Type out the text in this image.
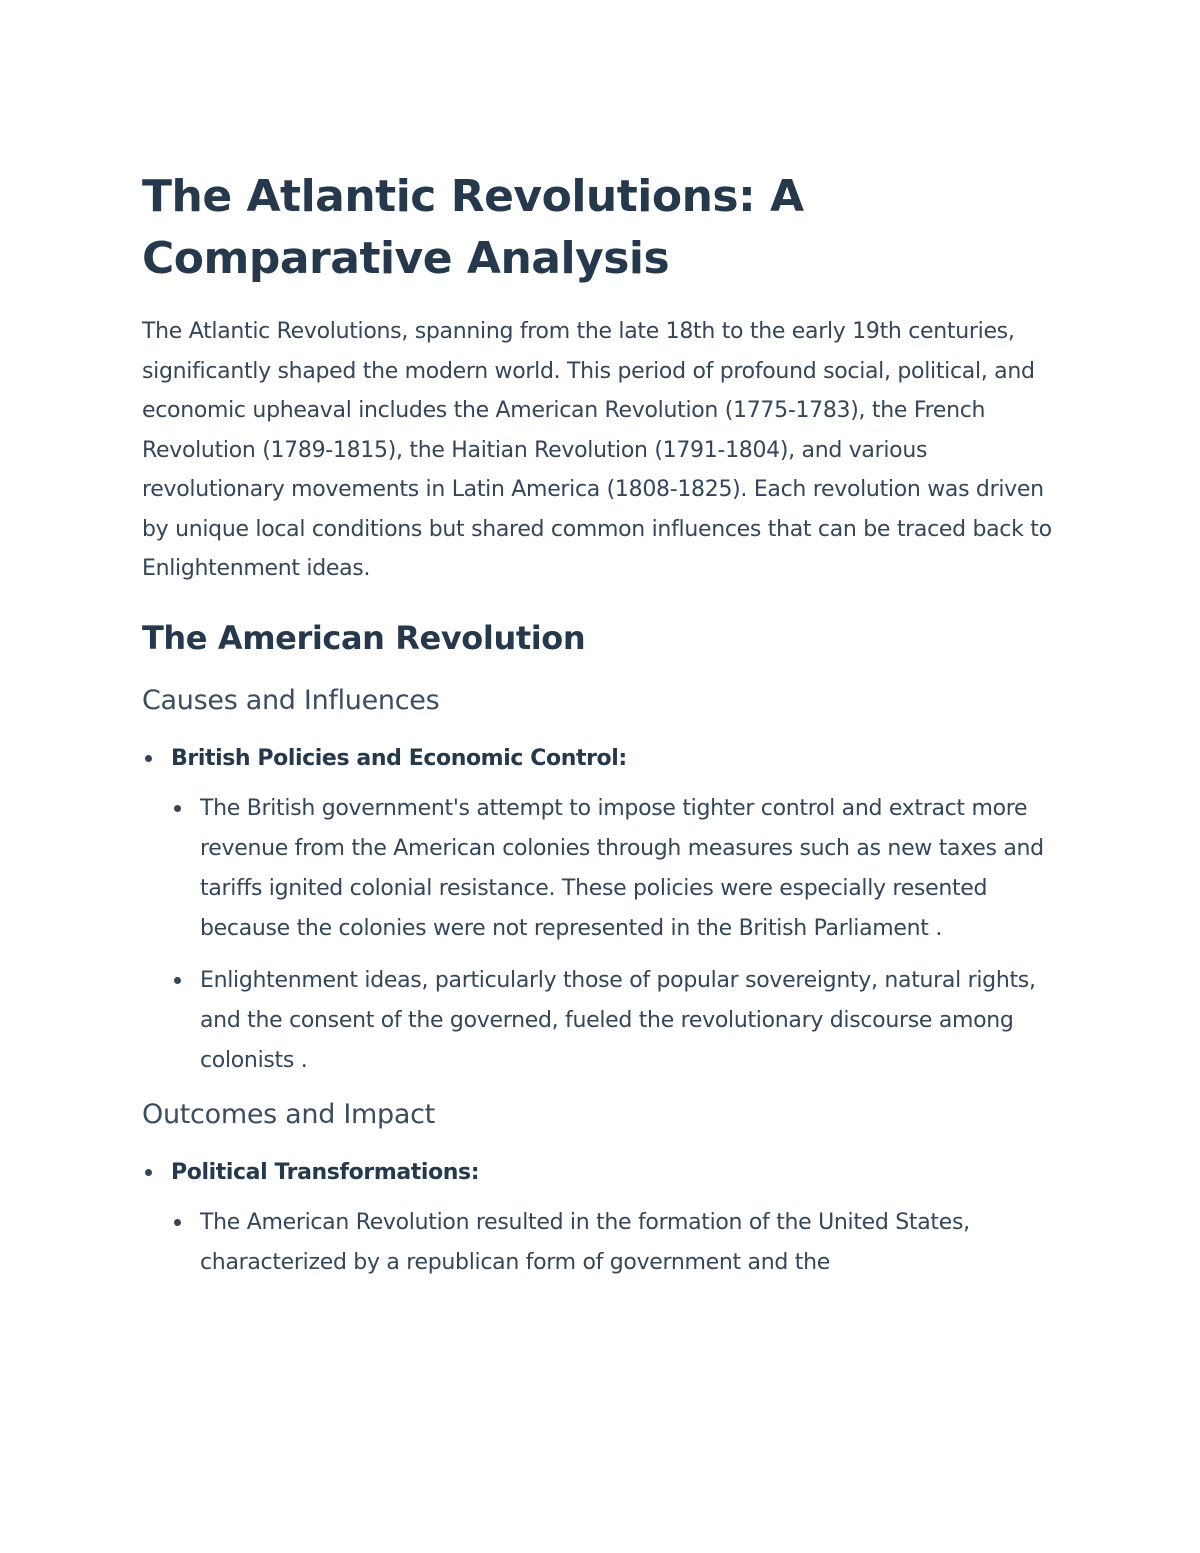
The Atlantic Revolutions: A Comparative Analysis

The Atlantic Revolutions, spanning from the late 18th to the early 19th centuries, significantly shaped the modern world. This period of profound social, political, and economic upheaval includes the American Revolution (1775-1783), the French Revolution (1789-1815), the Haitian Revolution (1791-1804), and various revolutionary movements in Latin America (1808-1825). Each revolution was driven by unique local conditions but shared common influences that can be traced back to Enlightenment ideas.

The American Revolution
Causes and Influences
British Policies and Economic Control:
The British government's attempt to impose tighter control and extract more revenue from the American colonies through measures such as new taxes and tariffs ignited colonial resistance. These policies were especially resented because the colonies were not represented in the British Parliament .
Enlightenment ideas, particularly those of popular sovereignty, natural rights, and the consent of the governed, fueled the revolutionary discourse among colonists .
Outcomes and Impact
Political Transformations:
The American Revolution resulted in the formation of the United States, characterized by a republican form of government and the
